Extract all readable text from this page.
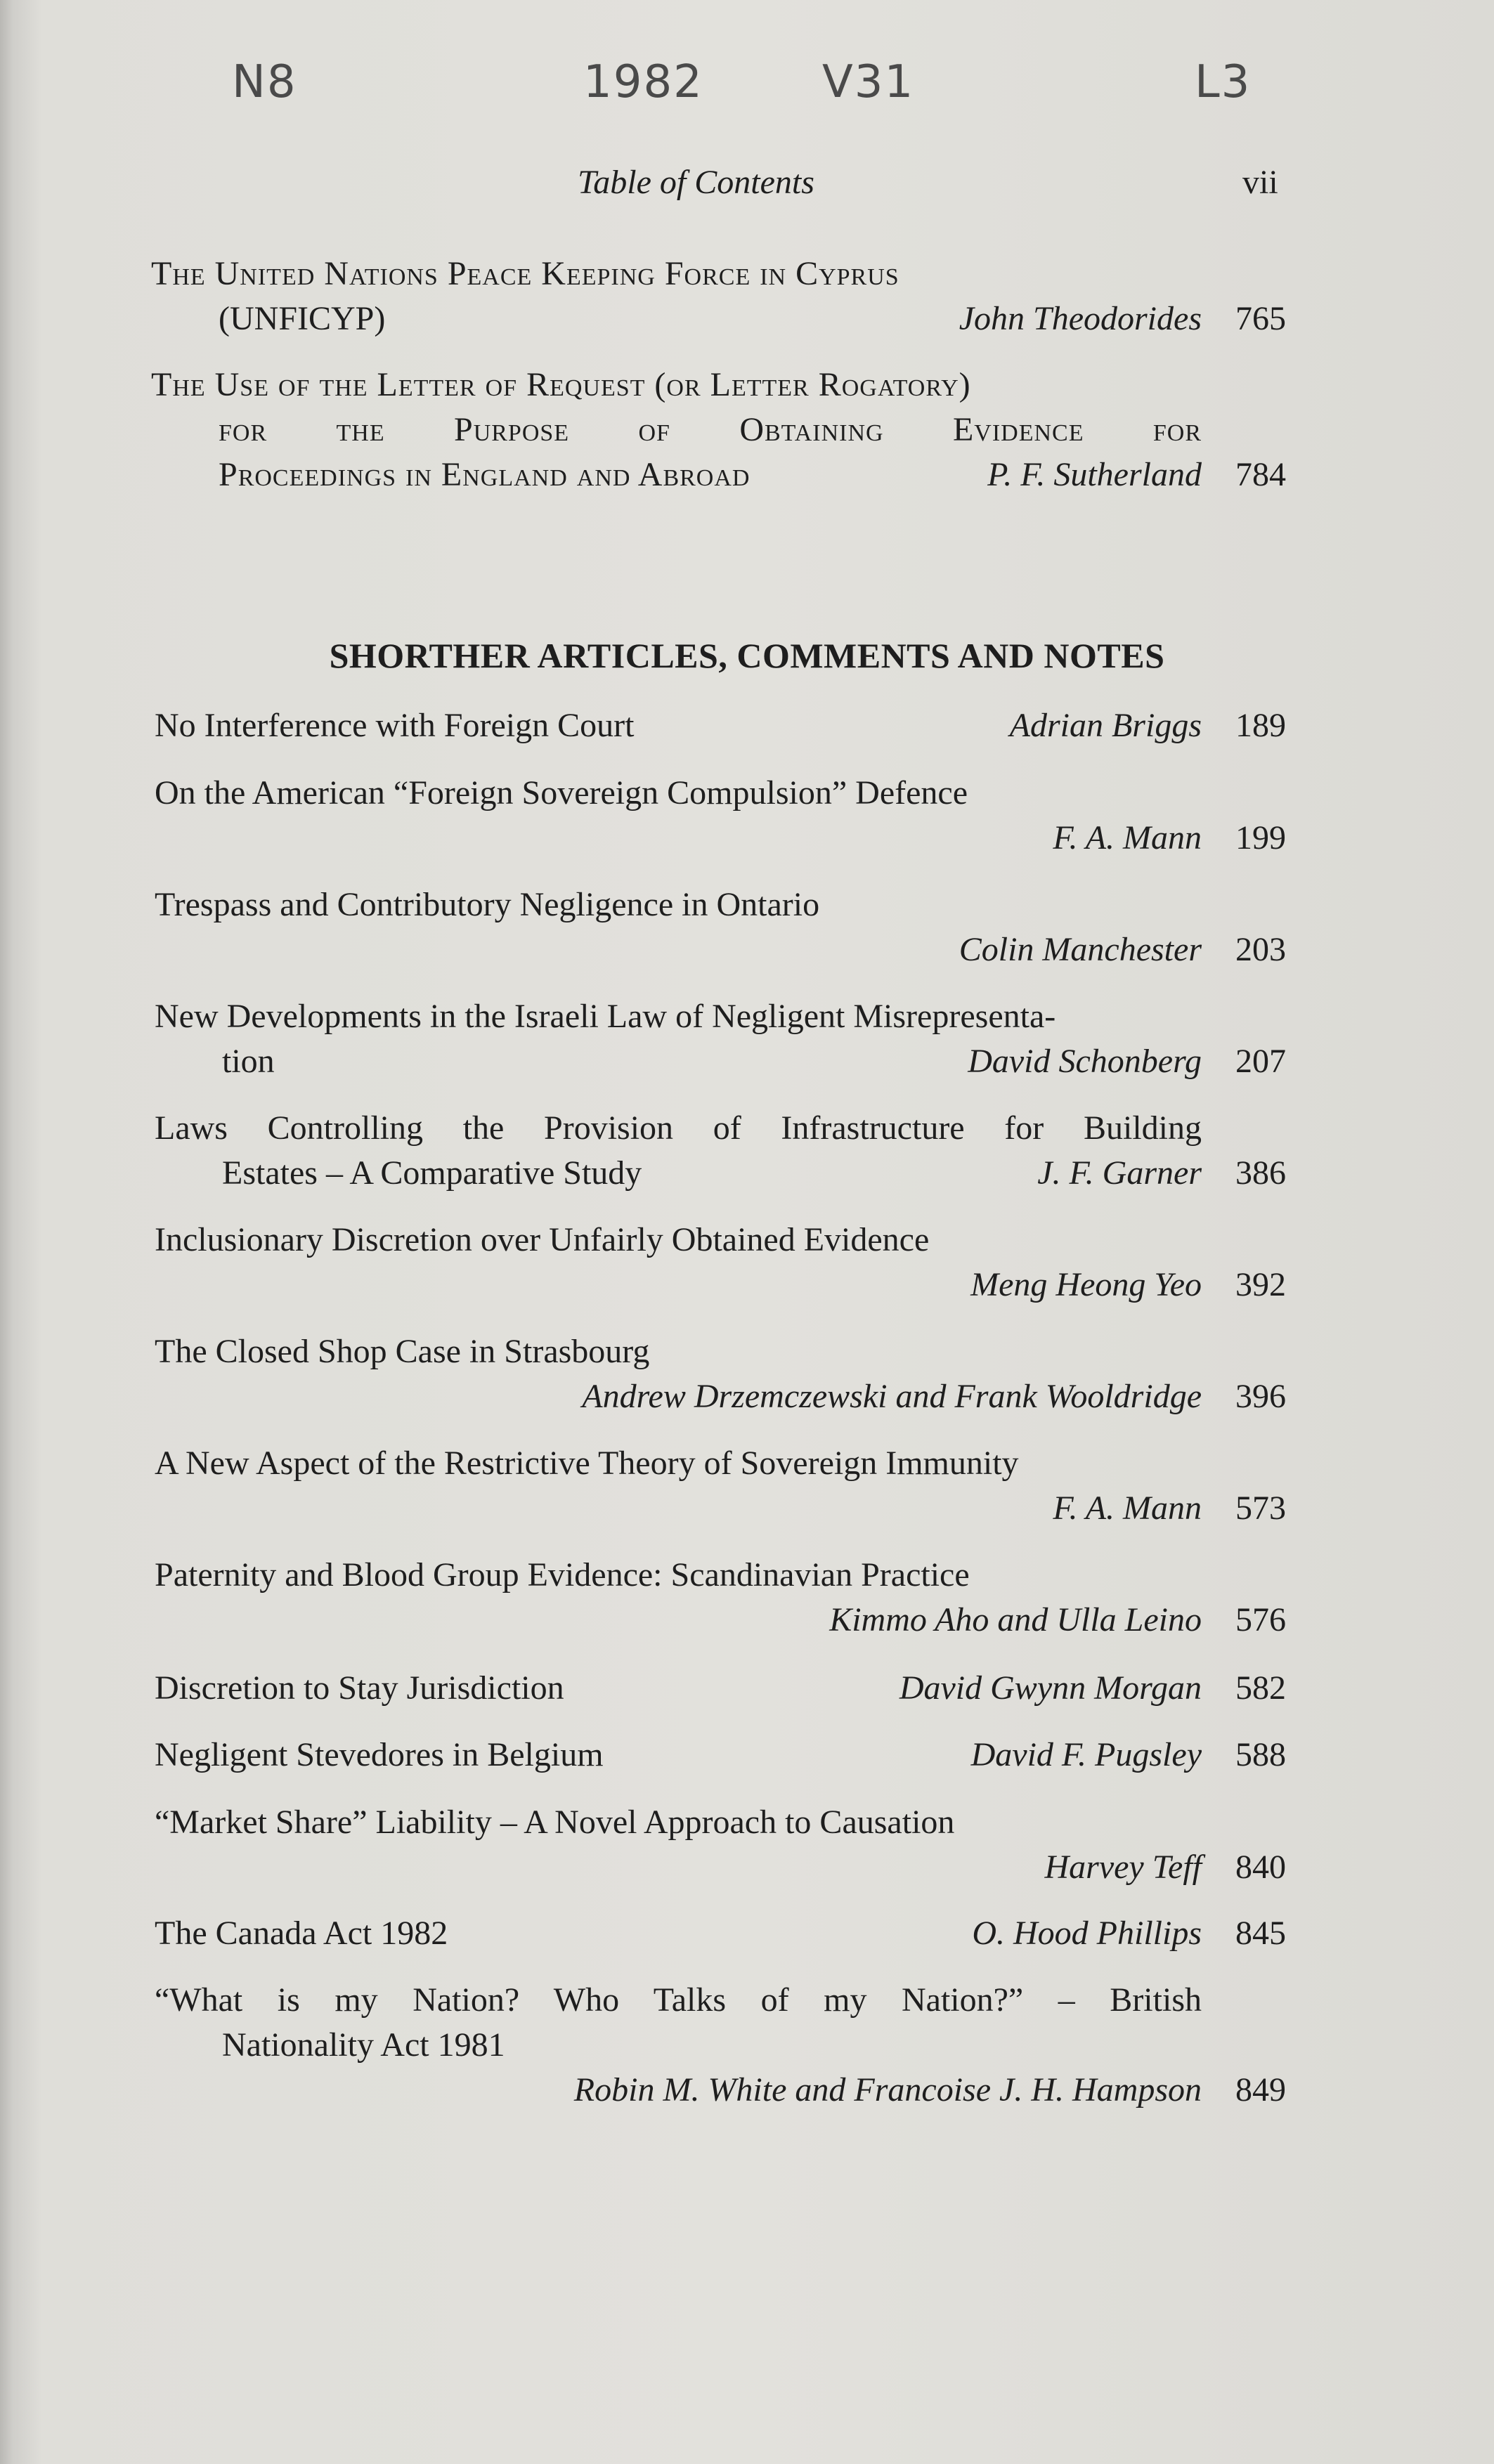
N8	1982	V31	L3
Table of Contents	vii
The United Nations Peace Keeping Force in Cyprus
(UNFICYP)	John Theodorides	765
The Use of the Letter of Request (or Letter Rogatory)
for the Purpose of Obtaining Evidence for
Proceedings in England and Abroad	P. F. Sutherland	784
SHORTHER ARTICLES, COMMENTS AND NOTES
No Interference with Foreign Court	Adrian Briggs	189
On the American “Foreign Sovereign Compulsion” Defence
F. A. Mann	199
Trespass and Contributory Negligence in Ontario
Colin Manchester	203
New Developments in the Israeli Law of Negligent Misrepresenta-
tion	David Schonberg	207
Laws Controlling the Provision of Infrastructure for Building
Estates – A Comparative Study	J. F. Garner	386
Inclusionary Discretion over Unfairly Obtained Evidence
Meng Heong Yeo	392
The Closed Shop Case in Strasbourg
Andrew Drzemczewski and Frank Wooldridge	396
A New Aspect of the Restrictive Theory of Sovereign Immunity
F. A. Mann	573
Paternity and Blood Group Evidence: Scandinavian Practice
Kimmo Aho and Ulla Leino	576
Discretion to Stay Jurisdiction	David Gwynn Morgan	582
Negligent Stevedores in Belgium	David F. Pugsley	588
“Market Share” Liability – A Novel Approach to Causation
Harvey Teff	840
The Canada Act 1982	O. Hood Phillips	845
“What is my Nation? Who Talks of my Nation?” – British
Nationality Act 1981
Robin M. White and Francoise J. H. Hampson	849
